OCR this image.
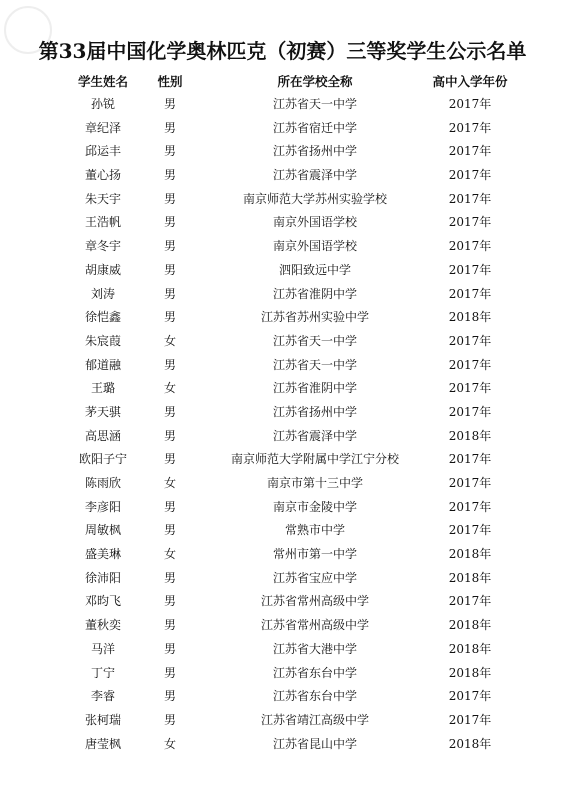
第33届中国化学奥林匹克（初赛）三等奖学生公示名单
学生姓名	性别	所在学校全称	高中入学年份
孙锐	男	江苏省天一中学	2017年
章纪泽	男	江苏省宿迁中学	2017年
邱运丰	男	江苏省扬州中学	2017年
董心扬	男	江苏省震泽中学	2017年
朱天宇	男	南京师范大学苏州实验学校	2017年
王浩帆	男	南京外国语学校	2017年
章冬宇	男	南京外国语学校	2017年
胡康威	男	泗阳致远中学	2017年
刘涛	男	江苏省淮阴中学	2017年
徐恺鑫	男	江苏省苏州实验中学	2018年
朱宸葭	女	江苏省天一中学	2017年
郁道融	男	江苏省天一中学	2017年
王璐	女	江苏省淮阴中学	2017年
茅天骐	男	江苏省扬州中学	2017年
高思涵	男	江苏省震泽中学	2018年
欧阳子宁	男	南京师范大学附属中学江宁分校	2017年
陈雨欣	女	南京市第十三中学	2017年
李彦阳	男	南京市金陵中学	2017年
周敏枫	男	常熟市中学	2017年
盛美琳	女	常州市第一中学	2018年
徐沛阳	男	江苏省宝应中学	2018年
邓昀飞	男	江苏省常州高级中学	2017年
董秋奕	男	江苏省常州高级中学	2018年
马洋	男	江苏省大港中学	2018年
丁宁	男	江苏省东台中学	2018年
李睿	男	江苏省东台中学	2017年
张柯瑞	男	江苏省靖江高级中学	2017年
唐莹枫	女	江苏省昆山中学	2018年
